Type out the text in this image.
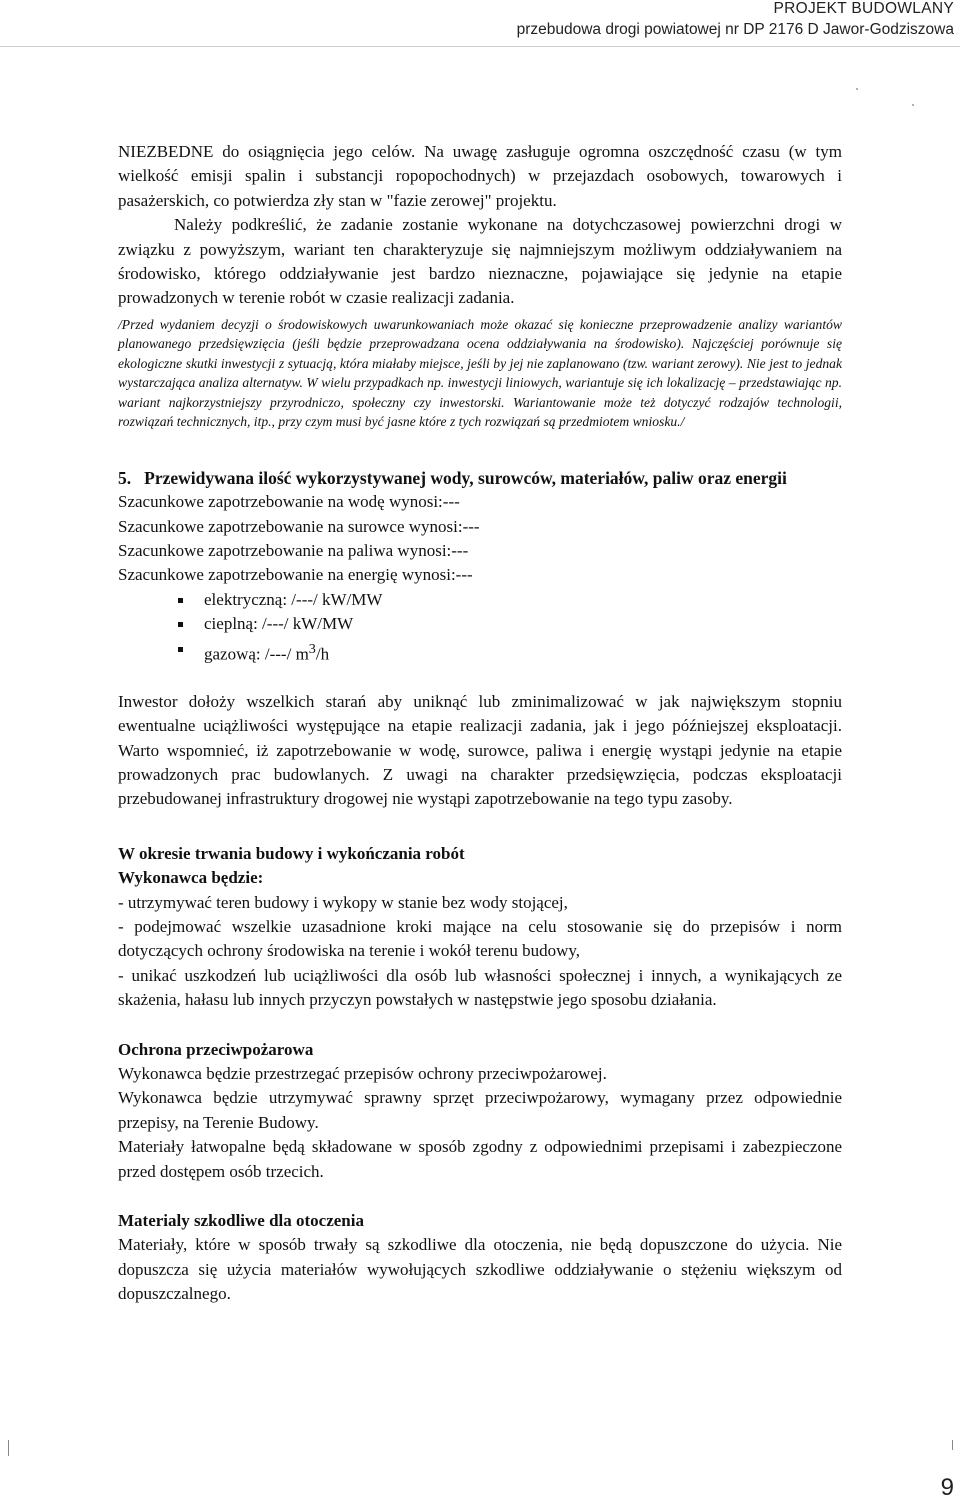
PROJEKT BUDOWLANY
przebudowa drogi powiatowej nr DP 2176 D Jawor-Godziszowa

NIEZBEDNE do osiągnięcia jego celów. Na uwagę zasługuje ogromna oszczędność czasu (w tym wielkość emisji spalin i substancji ropopochodnych) w przejazdach osobowych, towarowych i pasażerskich, co potwierdza zły stan w "fazie zerowej" projektu.

Należy podkreślić, że zadanie zostanie wykonane na dotychczasowej powierzchni drogi w związku z powyższym, wariant ten charakteryzuje się najmniejszym możliwym oddziaływaniem na środowisko, którego oddziaływanie jest bardzo nieznaczne, pojawiające się jedynie na etapie prowadzonych w terenie robót w czasie realizacji zadania.

/Przed wydaniem decyzji o środowiskowych uwarunkowaniach może okazać się konieczne przeprowadzenie analizy wariantów planowanego przedsięwzięcia (jeśli będzie przeprowadzana ocena oddziaływania na środowisko). Najczęściej porównuje się ekologiczne skutki inwestycji z sytuacją, która miałaby miejsce, jeśli by jej nie zaplanowano (tzw. wariant zerowy). Nie jest to jednak wystarczająca analiza alternatyw. W wielu przypadkach np. inwestycji liniowych, wariantuje się ich lokalizację – przedstawiając np. wariant najkorzystniejszy przyrodniczo, społeczny czy inwestorski. Wariantowanie może też dotyczyć rodzajów technologii, rozwiązań technicznych, itp., przy czym musi być jasne które z tych rozwiązań są przedmiotem wniosku./

5. Przewidywana ilość wykorzystywanej wody, surowców, materiałów, paliw oraz energii

Szacunkowe zapotrzebowanie na wodę wynosi:---

Szacunkowe zapotrzebowanie na surowce wynosi:---

Szacunkowe zapotrzebowanie na paliwa wynosi:---

Szacunkowe zapotrzebowanie na energię wynosi:---

elektryczną: /---/ kW/MW
cieplną: /---/ kW/MW
gazową: /---/ $m^3/h$

Inwestor dołoży wszelkich starań aby uniknąć lub zminimalizować w jak największym stopniu ewentualne uciążliwości występujące na etapie realizacji zadania, jak i jego późniejszej eksploatacji. Warto wspomnieć, iż zapotrzebowanie w wodę, surowce, paliwa i energię wystąpi jedynie na etapie prowadzonych prac budowlanych. Z uwagi na charakter przedsięwzięcia, podczas eksploatacji przebudowanej infrastruktury drogowej nie wystąpi zapotrzebowanie na tego typu zasoby.

W okresie trwania budowy i wykończania robót

Wykonawca będzie:

- utrzymywać teren budowy i wykopy w stanie bez wody stojącej,

- podejmować wszelkie uzasadnione kroki mające na celu stosowanie się do przepisów i norm dotyczących ochrony środowiska na terenie i wokół terenu budowy,

- unikać uszkodzeń lub uciążliwości dla osób lub własności społecznej i innych, a wynikających ze skażenia, hałasu lub innych przyczyn powstałych w następstwie jego sposobu działania.

Ochrona przeciwpożarowa

Wykonawca będzie przestrzegać przepisów ochrony przeciwpożarowej.

Wykonawca będzie utrzymywać sprawny sprzęt przeciwpożarowy, wymagany przez odpowiednie przepisy, na Terenie Budowy.

Materiały łatwopalne będą składowane w sposób zgodny z odpowiednimi przepisami i zabezpieczone przed dostępem osób trzecich.

Materialy szkodliwe dla otoczenia

Materiały, które w sposób trwały są szkodliwe dla otoczenia, nie będą dopuszczone do użycia. Nie dopuszcza się użycia materiałów wywołujących szkodliwe oddziaływanie o stężeniu większym od dopuszczalnego.

9
